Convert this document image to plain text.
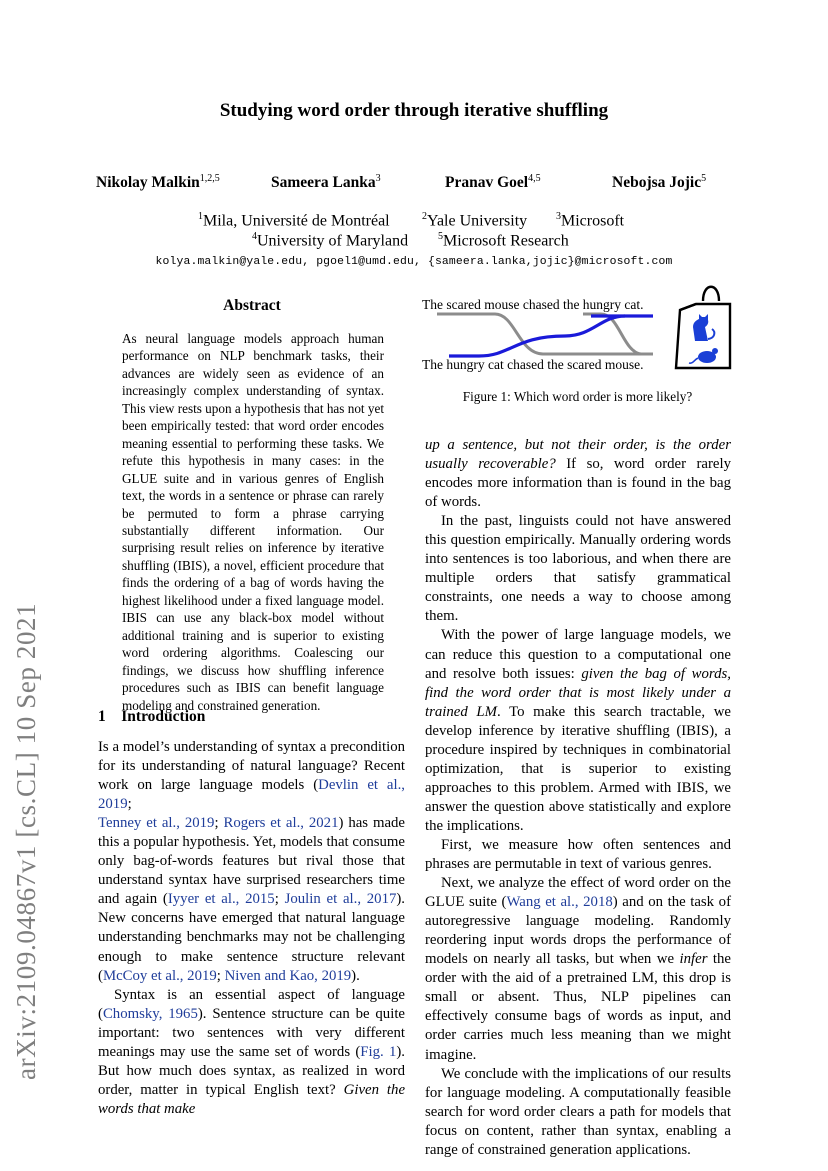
Studying word order through iterative shuffling
Nikolay Malkin$^{1,2,5}$	Sameera Lanka$^3$	Pranav Goel$^{4,5}$	Nebojsa Jojic$^5$
$^1$Mila, Université de Montréal	$^2$Yale University	$^3$Microsoft
$^4$University of Maryland	$^5$Microsoft Research
kolya.malkin@yale.edu, pgoel1@umd.edu, {sameera.lanka,jojic}@microsoft.com
arXiv:2109.04867v1 [cs.CL] 10 Sep 2021
Abstract
As neural language models approach human performance on NLP benchmark tasks, their advances are widely seen as evidence of an increasingly complex understanding of syntax. This view rests upon a hypothesis that has not yet been empirically tested: that word order encodes meaning essential to performing these tasks. We refute this hypothesis in many cases: in the GLUE suite and in various genres of English text, the words in a sentence or phrase can rarely be permuted to form a phrase carrying substantially different information. Our surprising result relies on inference by iterative shuffling (IBIS), a novel, efficient procedure that finds the ordering of a bag of words having the highest likelihood under a fixed language model. IBIS can use any black-box model without additional training and is superior to existing word ordering algorithms. Coalescing our findings, we discuss how shuffling inference procedures such as IBIS can benefit language modeling and constrained generation.
1 Introduction

Is a model’s understanding of syntax a precondition for its understanding of natural language? Recent work on large language models (Devlin et al., 2019;
Tenney et al., 2019; Rogers et al., 2021) has made this a popular hypothesis. Yet, models that consume only bag-of-words features but rival those that understand syntax have surprised researchers time and again (Iyyer et al., 2015; Joulin et al., 2017). New concerns have emerged that natural language understanding benchmarks may not be challenging enough to make sentence structure relevant (McCoy et al., 2019; Niven and Kao, 2019).

Syntax is an essential aspect of language (Chomsky, 1965). Sentence structure can be quite important: two sentences with very different meanings may use the same set of words (Fig. 1). But how much does syntax, as realized in word order, matter in typical English text? Given the words that make

The scared mouse chased the hungry cat.
The hungry cat chased the scared mouse.
Figure 1: Which word order is more likely?

up a sentence, but not their order, is the order usually recoverable? If so, word order rarely encodes more information than is found in the bag of words.

In the past, linguists could not have answered this question empirically. Manually ordering words into sentences is too laborious, and when there are multiple orders that satisfy grammatical constraints, one needs a way to choose among them.

With the power of large language models, we can reduce this question to a computational one and resolve both issues: given the bag of words, find the word order that is most likely under a trained LM. To make this search tractable, we develop inference by iterative shuffling (IBIS), a procedure inspired by techniques in combinatorial optimization, that is superior to existing approaches to this problem. Armed with IBIS, we answer the question above statistically and explore the implications.

First, we measure how often sentences and phrases are permutable in text of various genres.

Next, we analyze the effect of word order on the GLUE suite (Wang et al., 2018) and on the task of autoregressive language modeling. Randomly reordering input words drops the performance of models on nearly all tasks, but when we infer the order with the aid of a pretrained LM, this drop is small or absent. Thus, NLP pipelines can effectively consume bags of words as input, and order carries much less meaning than we might imagine.

We conclude with the implications of our results for language modeling. A computationally feasible search for word order clears a path for models that focus on content, rather than syntax, enabling a range of constrained generation applications.
